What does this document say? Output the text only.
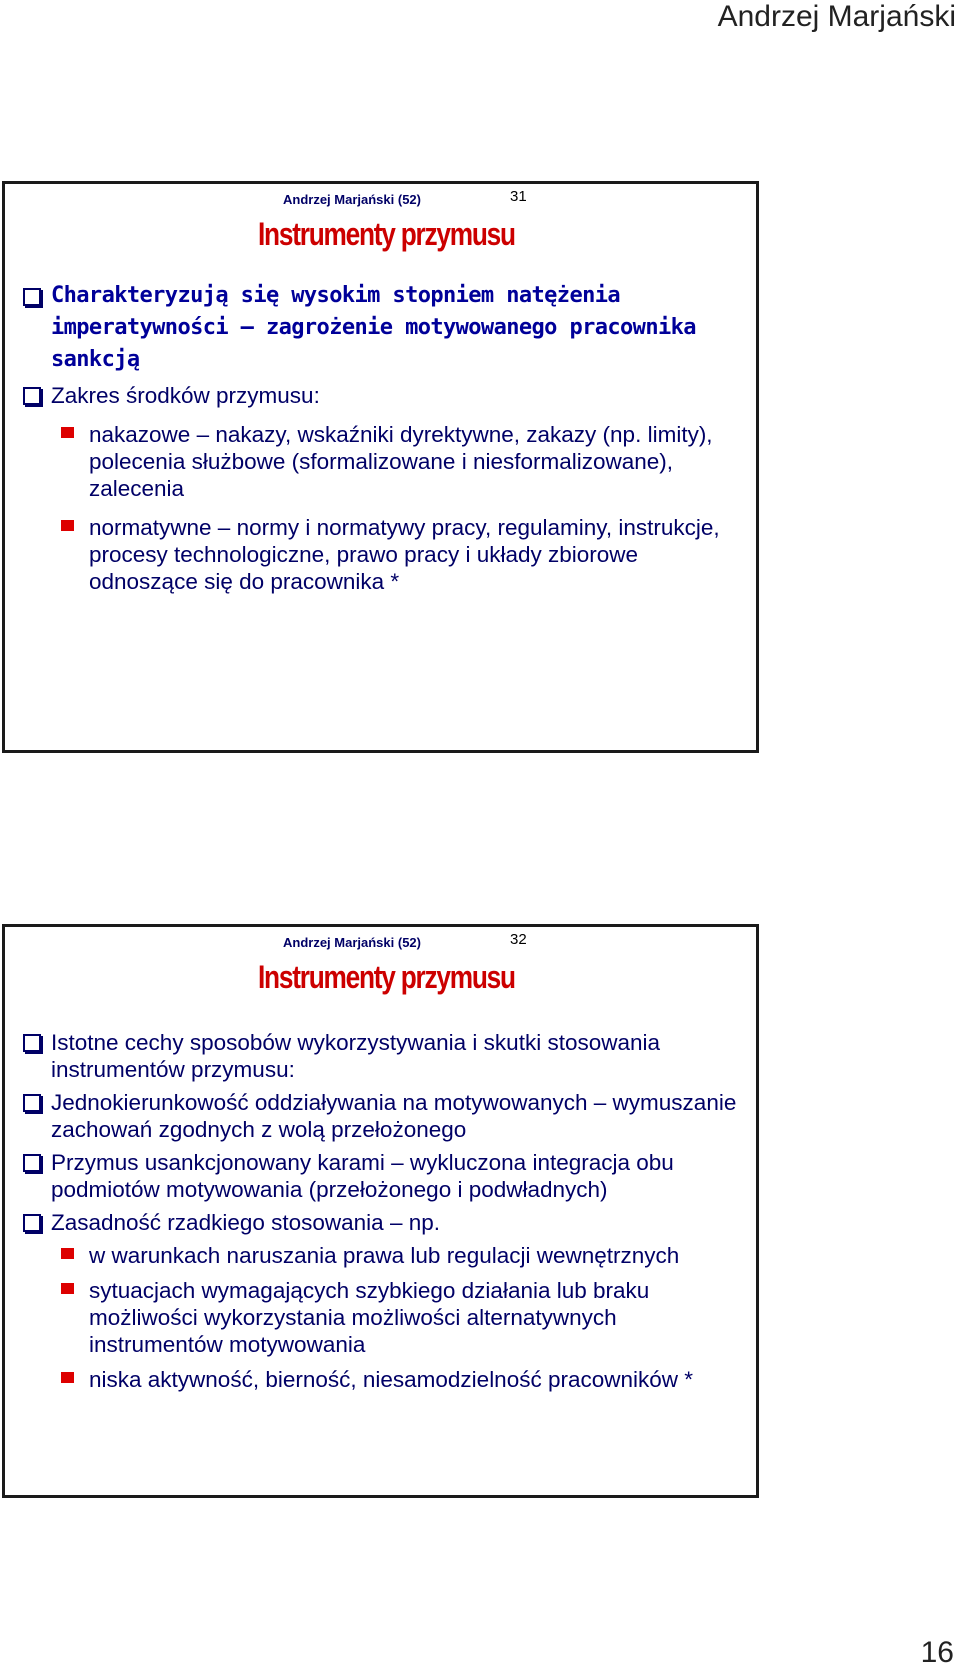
Andrzej Marjański
Andrzej Marjański (52)	31
Instrumenty przymusu
Charakteryzują się wysokim stopniem natężenia imperatywności – zagrożenie motywowanego pracownika sankcją
Zakres środków przymusu:
nakazowe – nakazy, wskaźniki dyrektywne, zakazy (np. limity), polecenia służbowe (sformalizowane i niesformalizowane), zalecenia
normatywne – normy i normatywy pracy, regulaminy, instrukcje, procesy technologiczne, prawo pracy i układy zbiorowe odnoszące się do pracownika *
Andrzej Marjański (52)	32
Instrumenty przymusu
Istotne cechy sposobów wykorzystywania i skutki stosowania instrumentów przymusu:
Jednokierunkowość oddziaływania na motywowanych – wymuszanie zachowań zgodnych z wolą przełożonego
Przymus usankcjonowany karami – wykluczona integracja obu podmiotów motywowania (przełożonego i podwładnych)
Zasadność rzadkiego stosowania – np.
w warunkach naruszania prawa lub regulacji wewnętrznych
sytuacjach wymagających szybkiego działania lub braku możliwości wykorzystania możliwości alternatywnych instrumentów motywowania
niska aktywność, bierność, niesamodzielność pracowników *
16
